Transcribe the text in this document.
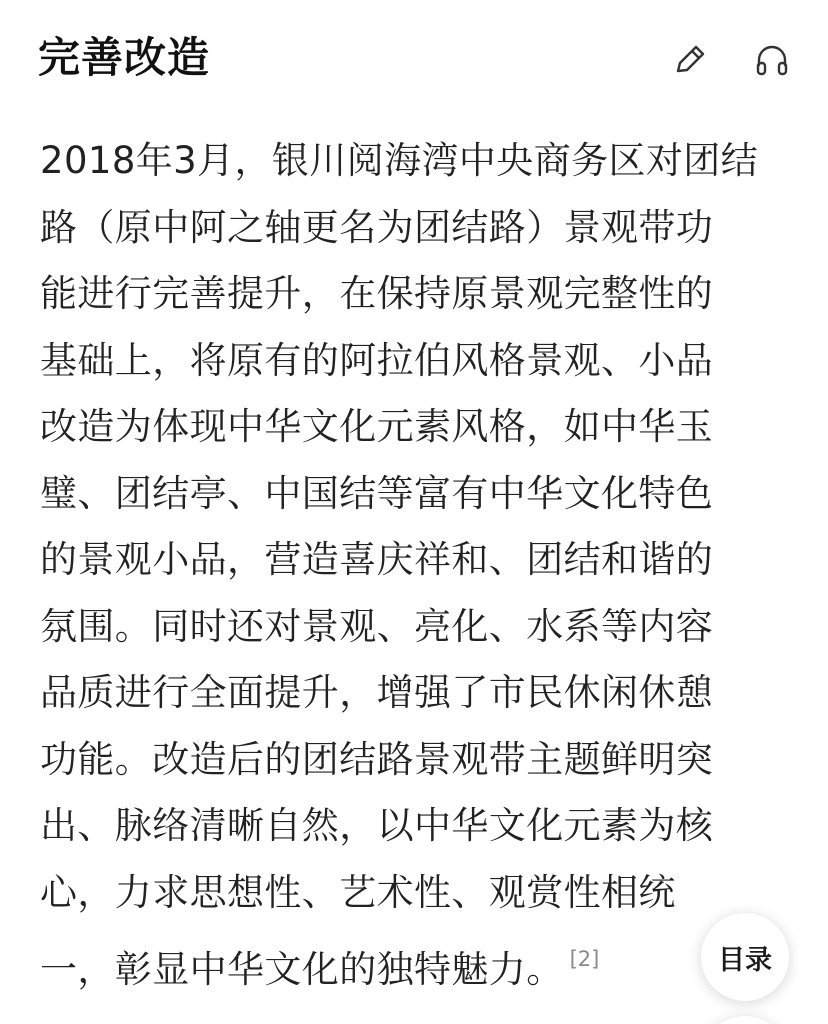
完善改造
2018年3月，银川阅海湾中央商务区对团结
路（原中阿之轴更名为团结路）景观带功
能进行完善提升，在保持原景观完整性的
基础上，将原有的阿拉伯风格景观、小品
改造为体现中华文化元素风格，如中华玉
璧、团结亭、中国结等富有中华文化特色
的景观小品，营造喜庆祥和、团结和谐的
氛围。同时还对景观、亮化、水系等内容
品质进行全面提升，增强了市民休闲休憩
功能。改造后的团结路景观带主题鲜明突
出、脉络清晰自然，以中华文化元素为核
心，力求思想性、艺术性、观赏性相统
一，彰显中华文化的独特魅力。 [2]	目录
